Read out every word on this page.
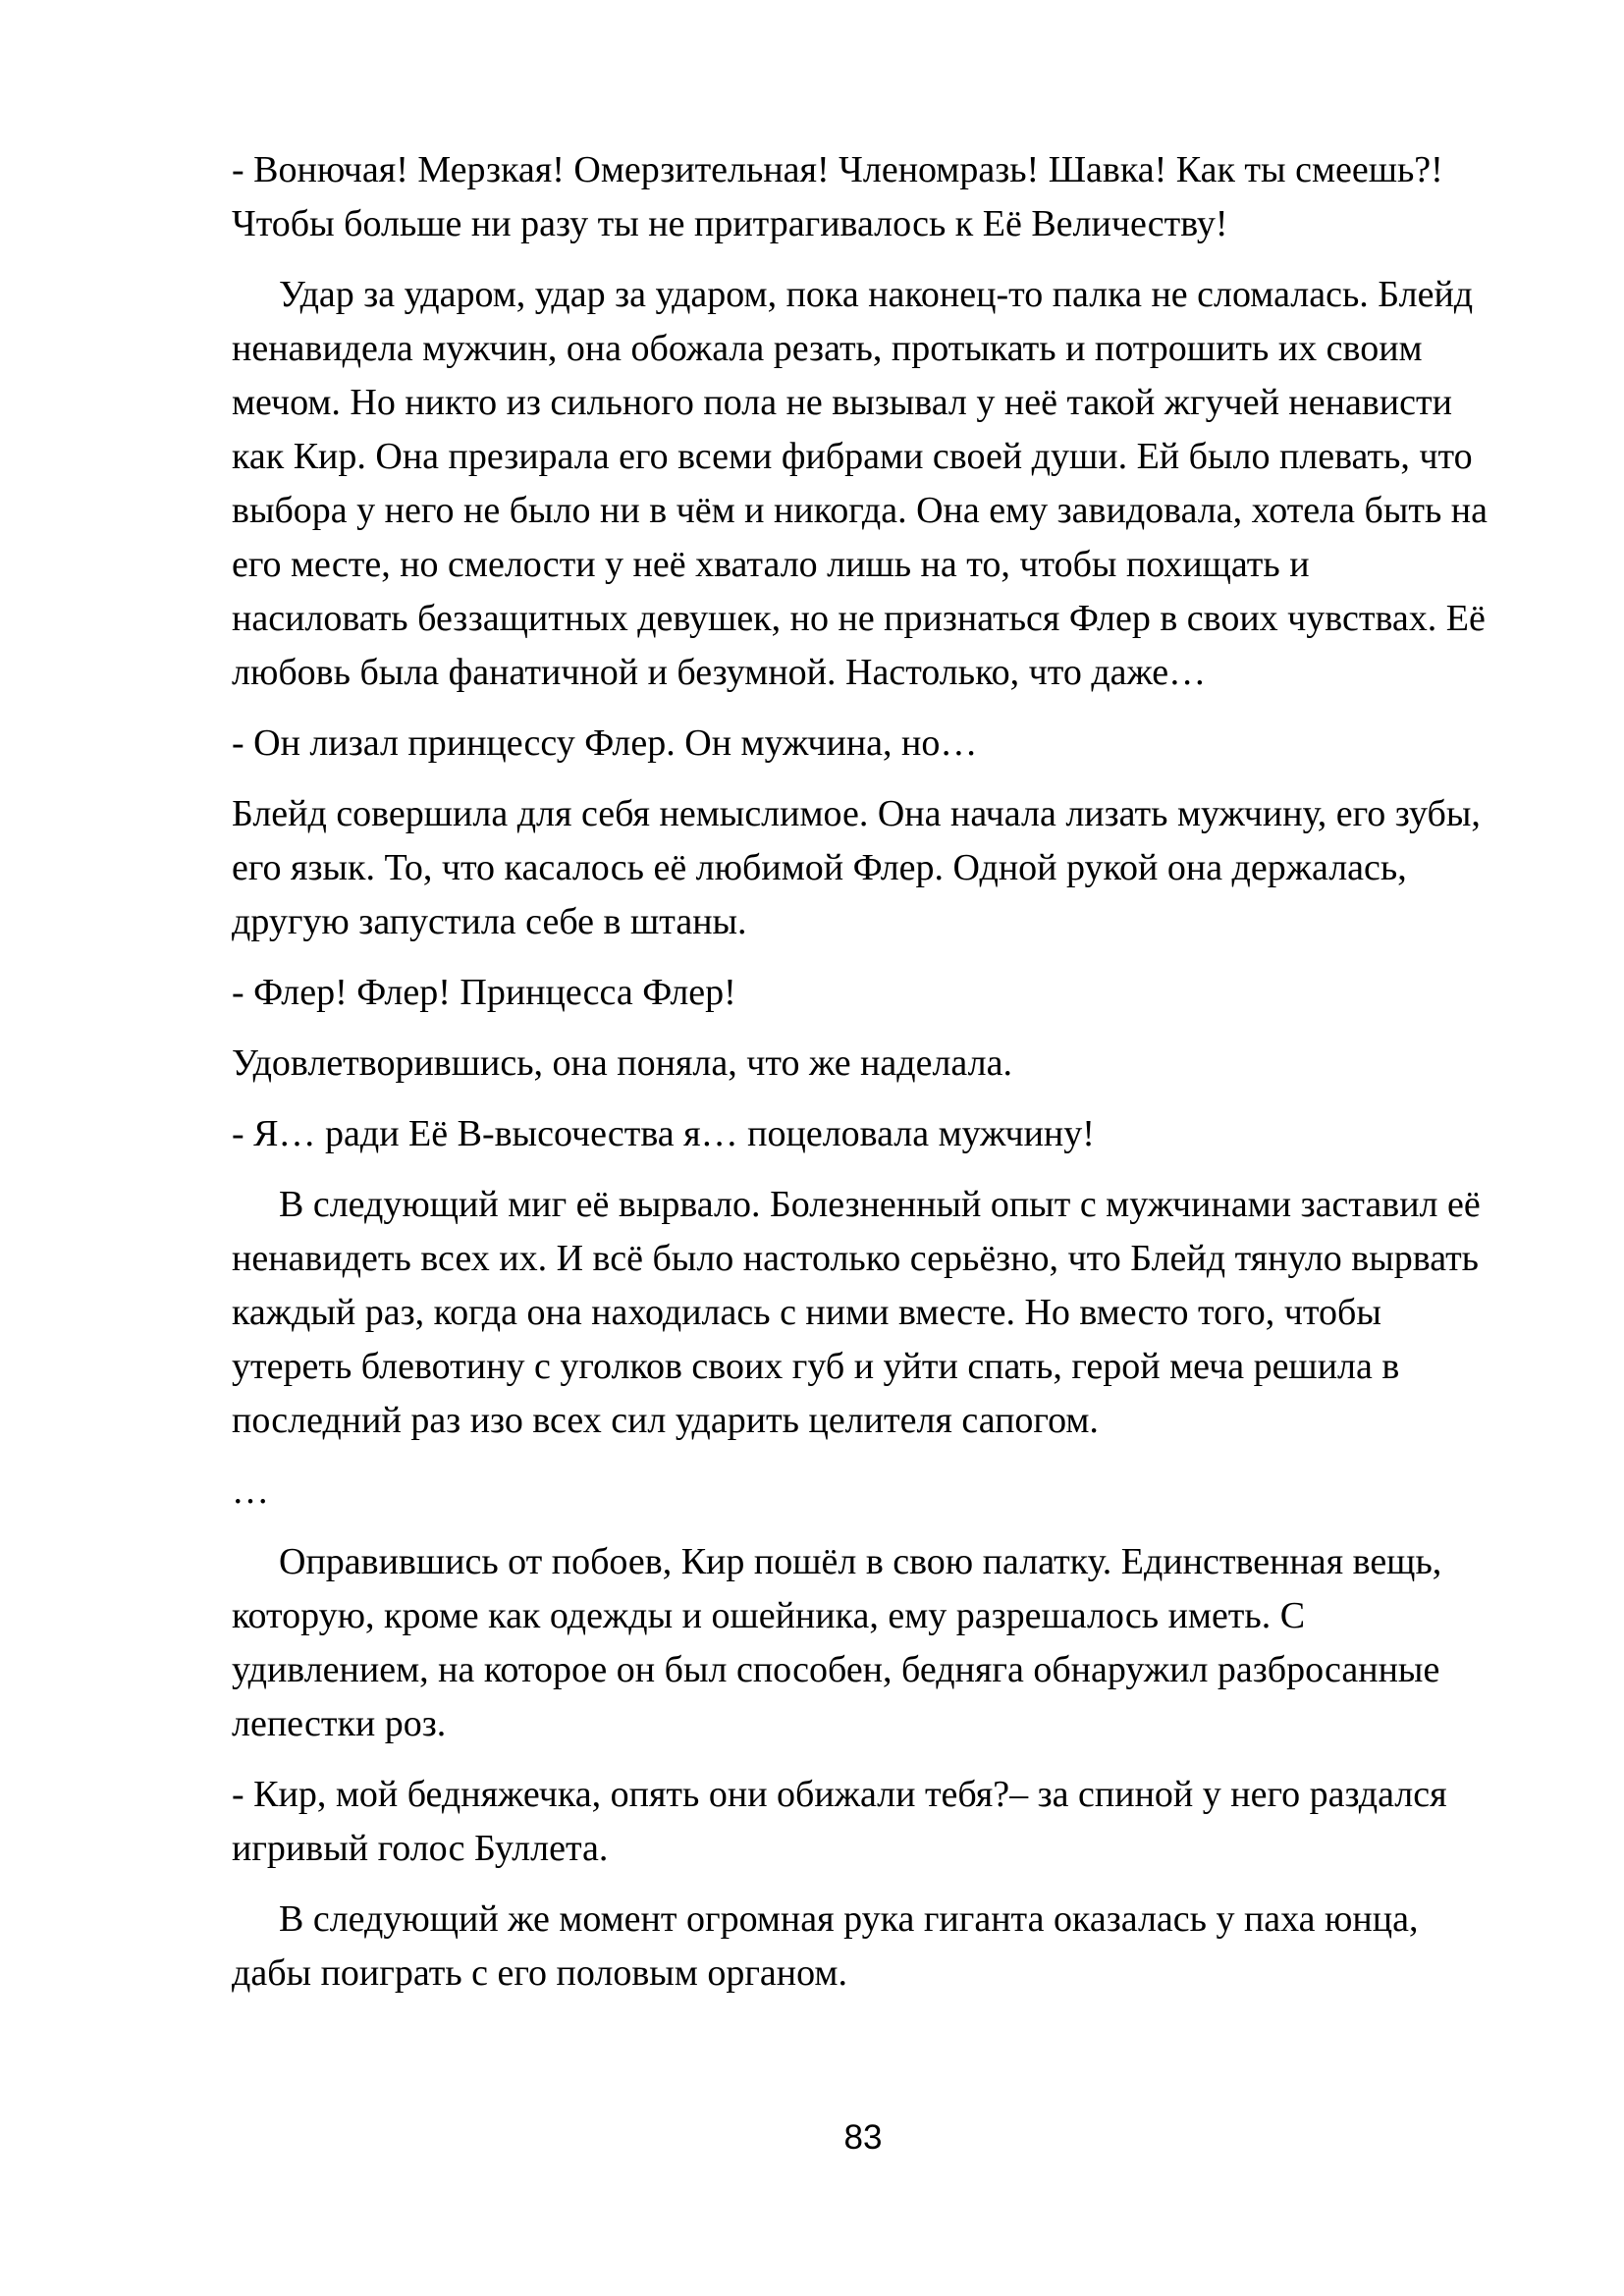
- Вонючая! Мерзкая! Омерзительная! Членомразь! Шавка! Как ты смеешь?! Чтобы больше ни разу ты не притрагивалось к Её Величеству!

Удар за ударом, удар за ударом, пока наконец-то палка не сломалась. Блейд ненавидела мужчин, она обожала резать, протыкать и потрошить их своим мечом. Но никто из сильного пола не вызывал у неё такой жгучей ненависти как Кир. Она презирала его всеми фибрами своей души. Ей было плевать, что выбора у него не было ни в чём и никогда. Она ему завидовала, хотела быть на его месте, но смелости у неё хватало лишь на то, чтобы похищать и насиловать беззащитных девушек, но не признаться Флер в своих чувствах. Её любовь была фанатичной и безумной. Настолько, что даже…

- Он лизал принцессу Флер. Он мужчина, но…

Блейд совершила для себя немыслимое. Она начала лизать мужчину, его зубы, его язык. То, что касалось её любимой Флер. Одной рукой она держалась, другую запустила себе в штаны.

- Флер! Флер! Принцесса Флер!

Удовлетворившись, она поняла, что же наделала.

- Я… ради Её В-высочества я… поцеловала мужчину!

В следующий миг её вырвало. Болезненный опыт с мужчинами заставил её ненавидеть всех их. И всё было настолько серьёзно, что Блейд тянуло вырвать каждый раз, когда она находилась с ними вместе. Но вместо того, чтобы утереть блевотину с уголков своих губ и уйти спать, герой меча решила в последний раз изо всех сил ударить целителя сапогом.

…

Оправившись от побоев, Кир пошёл в свою палатку. Единственная вещь, которую, кроме как одежды и ошейника, ему разрешалось иметь. С удивлением, на которое он был способен, бедняга обнаружил разбросанные лепестки роз.

- Кир, мой бедняжечка, опять они обижали тебя?– за спиной у него раздался игривый голос Буллета.

В следующий же момент огромная рука гиганта оказалась у паха юнца, дабы поиграть с его половым органом.

83
